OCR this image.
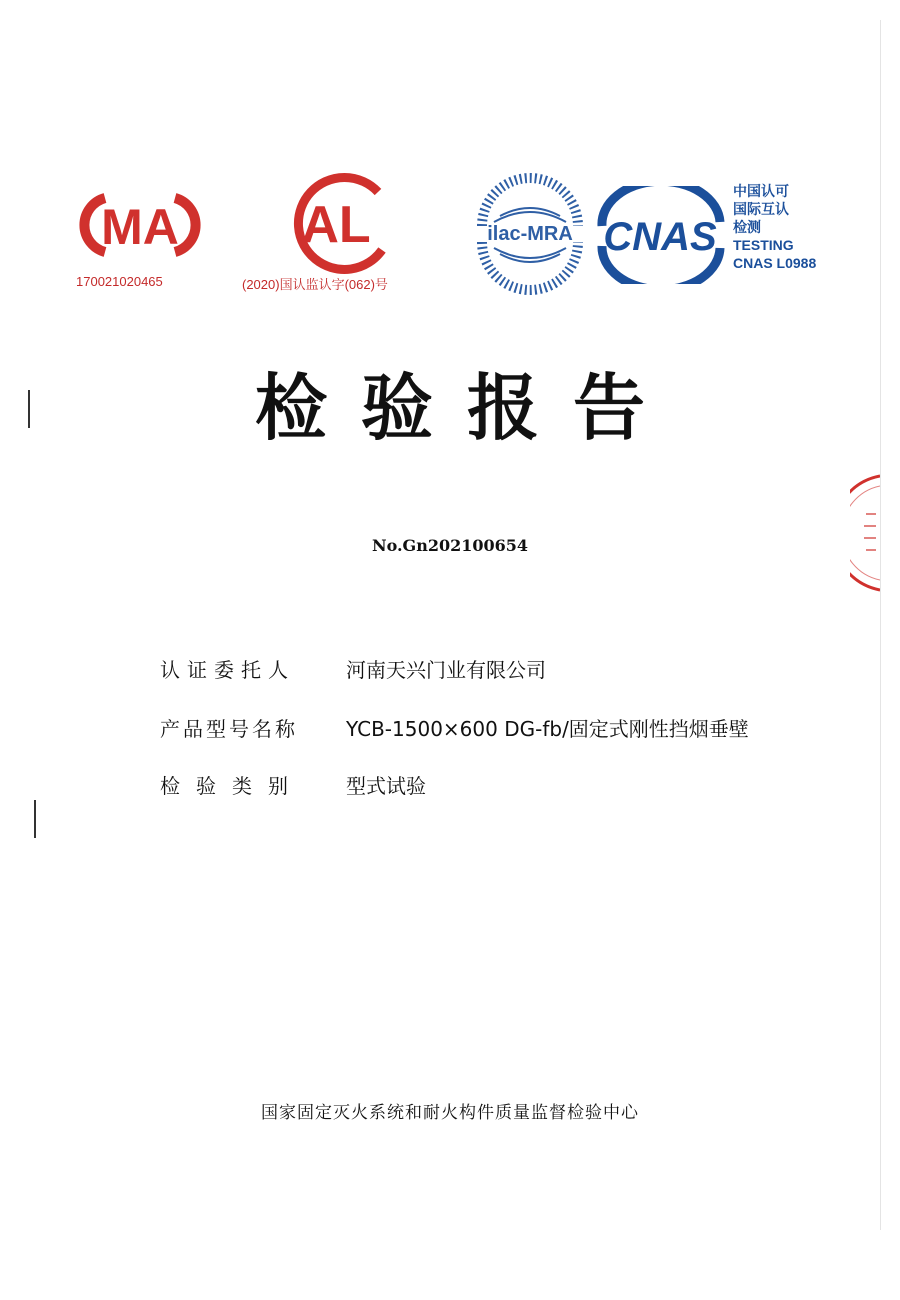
MA
170021020465
AL
(2020)国认监认字(062)号
ilac-MRA CNAS
中国认可
国际互认
检测
TESTING
CNAS L0988
检验报告
No.Gn202100654
认证委托人	河南天兴门业有限公司
产品型号名称 YCB-1500×600 DG-fb/固定式刚性挡烟垂壁
检验类别 型式试验
国家固定灭火系统和耐火构件质量监督检验中心
